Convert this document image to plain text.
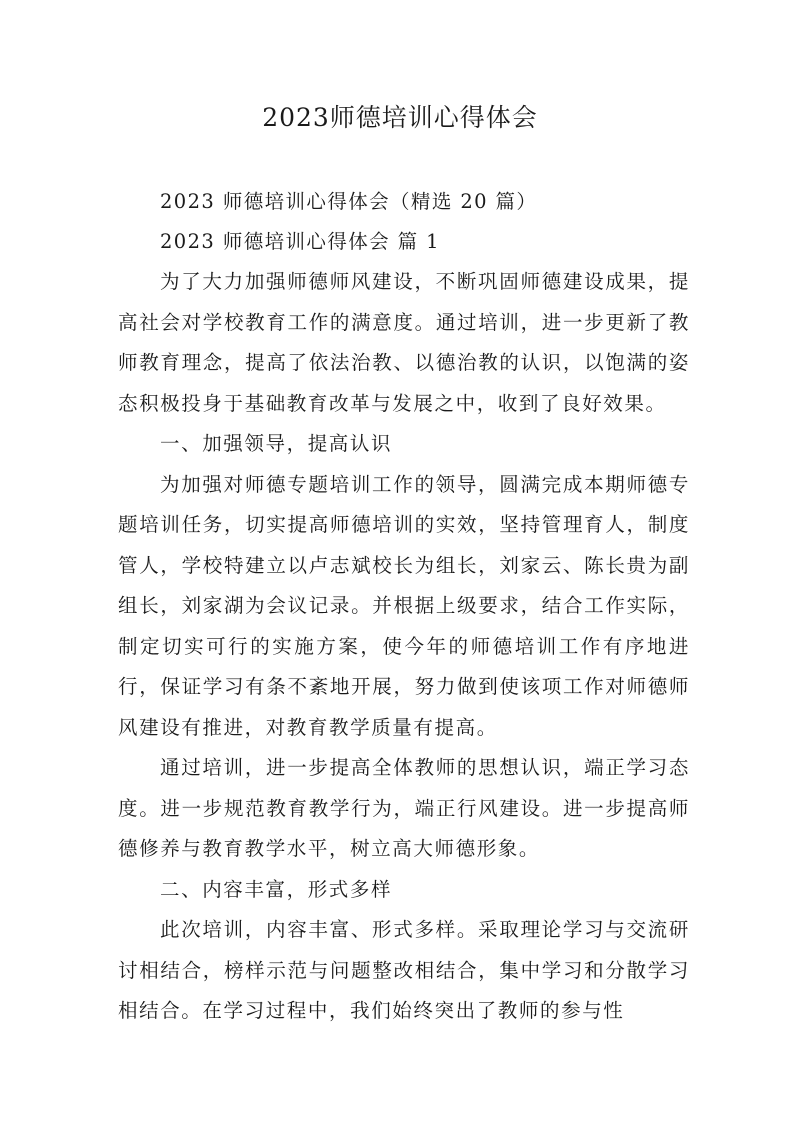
2023师德培训心得体会

2023 师德培训心得体会（精选 20 篇）

2023 师德培训心得体会 篇 1

为了大力加强师德师风建设，不断巩固师德建设成果，提高社会对学校教育工作的满意度。通过培训，进一步更新了教师教育理念，提高了依法治教、以德治教的认识，以饱满的姿态积极投身于基础教育改革与发展之中，收到了良好效果。

一、加强领导，提高认识

为加强对师德专题培训工作的领导，圆满完成本期师德专题培训任务，切实提高师德培训的实效，坚持管理育人，制度管人，学校特建立以卢志斌校长为组长，刘家云、陈长贵为副组长，刘家湖为会议记录。并根据上级要求，结合工作实际，制定切实可行的实施方案，使今年的师德培训工作有序地进行，保证学习有条不紊地开展，努力做到使该项工作对师德师风建设有推进，对教育教学质量有提高。

通过培训，进一步提高全体教师的思想认识，端正学习态度。进一步规范教育教学行为，端正行风建设。进一步提高师德修养与教育教学水平，树立高大师德形象。

二、内容丰富，形式多样

此次培训，内容丰富、形式多样。采取理论学习与交流研讨相结合，榜样示范与问题整改相结合，集中学习和分散学习相结合。在学习过程中，我们始终突出了教师的参与性
